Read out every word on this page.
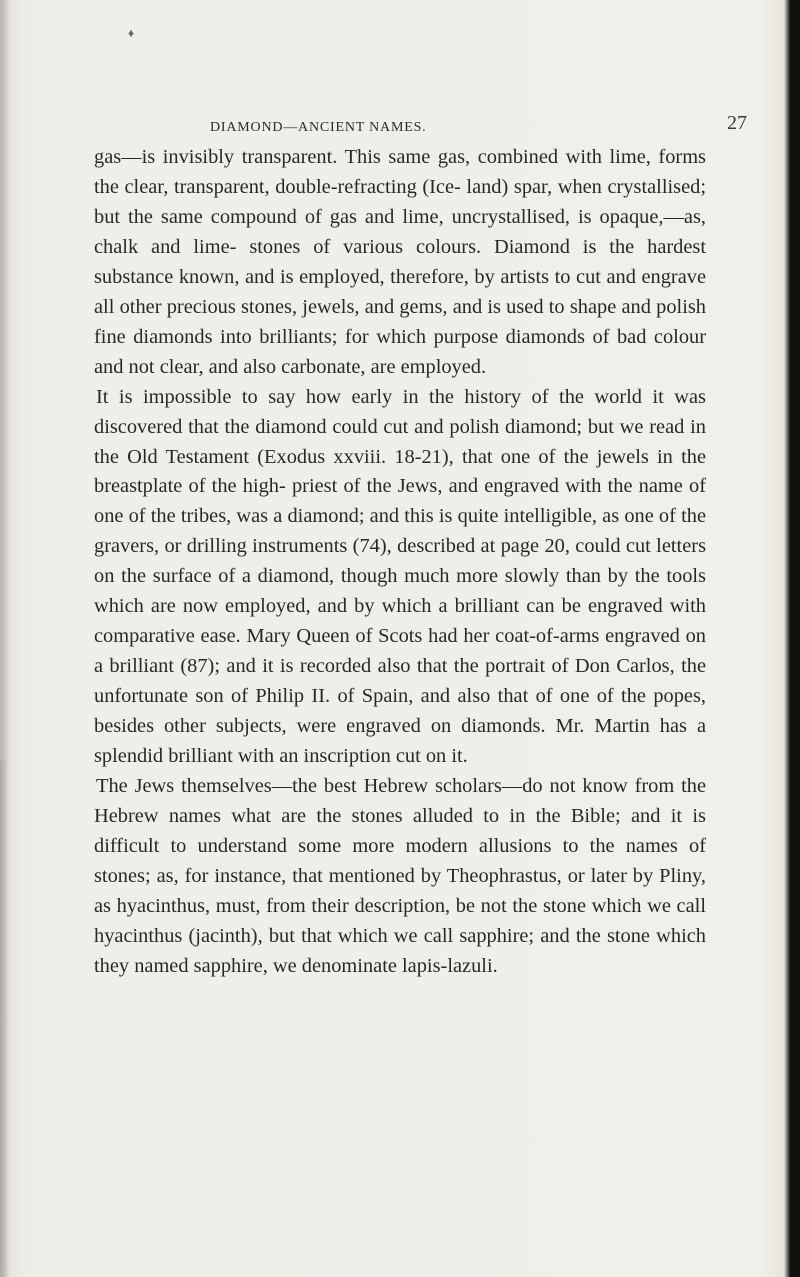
♦
DIAMOND—ANCIENT NAMES.	27

gas—is invisibly transparent. This same gas, combined with lime, forms the clear, transparent, double-refracting (Ice- land) spar, when crystallised; but the same compound of gas and lime, uncrystallised, is opaque,—as, chalk and lime- stones of various colours. Diamond is the hardest substance known, and is employed, therefore, by artists to cut and engrave all other precious stones, jewels, and gems, and is used to shape and polish fine diamonds into brilliants; for which purpose diamonds of bad colour and not clear, and also carbonate, are employed.

It is impossible to say how early in the history of the world it was discovered that the diamond could cut and polish diamond; but we read in the Old Testament (Exodus xxviii. 18-21), that one of the jewels in the breastplate of the high- priest of the Jews, and engraved with the name of one of the tribes, was a diamond; and this is quite intelligible, as one of the gravers, or drilling instruments (74), described at page 20, could cut letters on the surface of a diamond, though much more slowly than by the tools which are now employed, and by which a brilliant can be engraved with comparative ease. Mary Queen of Scots had her coat-of-arms engraved on a brilliant (87); and it is recorded also that the portrait of Don Carlos, the unfortunate son of Philip II. of Spain, and also that of one of the popes, besides other subjects, were engraved on diamonds. Mr. Martin has a splendid brilliant with an inscription cut on it.

The Jews themselves—the best Hebrew scholars—do not know from the Hebrew names what are the stones alluded to in the Bible; and it is difficult to understand some more modern allusions to the names of stones; as, for instance, that mentioned by Theophrastus, or later by Pliny, as hyacinthus, must, from their description, be not the stone which we call hyacinthus (jacinth), but that which we call sapphire; and the stone which they named sapphire, we denominate lapis-lazuli.
